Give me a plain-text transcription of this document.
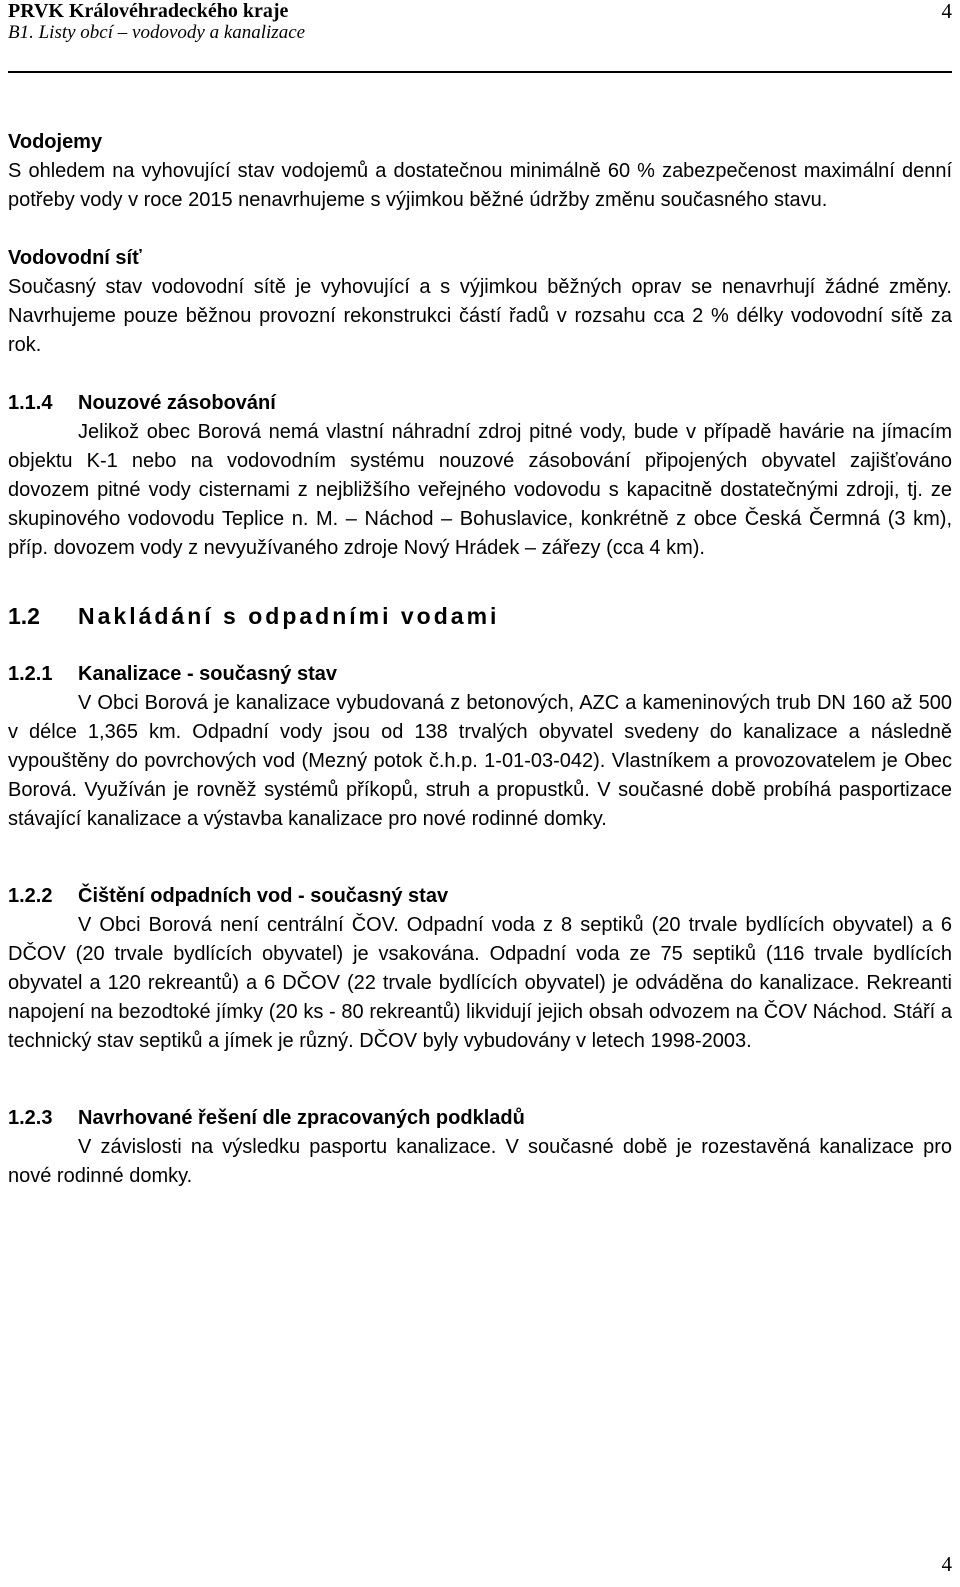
PRVK Královéhradeckého kraje
B1. Listy obcí – vodovody a kanalizace
4

Vodojemy

S ohledem na vyhovující stav vodojemů a dostatečnou minimálně 60 % zabezpečenost maximální denní potřeby vody v roce 2015 nenavrhujeme s výjimkou běžné údržby změnu současného stavu.

Vodovodní síť

Současný stav vodovodní sítě je vyhovující a s výjimkou běžných oprav se nenavrhují žádné změny. Navrhujeme pouze běžnou provozní rekonstrukci částí řadů v rozsahu cca 2 % délky vodovodní sítě za rok.

1.1.4 Nouzové zásobování

Jelikož obec Borová nemá vlastní náhradní zdroj pitné vody, bude v případě havárie na jímacím objektu K-1 nebo na vodovodním systému nouzové zásobování připojených obyvatel zajišťováno dovozem pitné vody cisternami z nejbližšího veřejného vodovodu s kapacitně dostatečnými zdroji, tj. ze skupinového vodovodu Teplice n. M. – Náchod – Bohuslavice, konkrétně z obce Česká Čermná (3 km), příp. dovozem vody z nevyužívaného zdroje Nový Hrádek – zářezy (cca 4 km).

1.2 Nakládání s odpadními vodami

1.2.1 Kanalizace - současný stav

V Obci Borová je kanalizace vybudovaná z betonových, AZC a kameninových trub DN 160 až 500 v délce 1,365 km. Odpadní vody jsou od 138 trvalých obyvatel svedeny do kanalizace a následně vypouštěny do povrchových vod (Mezný potok č.h.p. 1-01-03-042). Vlastníkem a provozovatelem je Obec Borová. Využíván je rovněž systémů příkopů, struh a propustků. V současné době probíhá pasportizace stávající kanalizace a výstavba kanalizace pro nové rodinné domky.

1.2.2 Čištění odpadních vod - současný stav

V Obci Borová není centrální ČOV. Odpadní voda z 8 septiků (20 trvale bydlících obyvatel) a 6 DČOV (20 trvale bydlících obyvatel) je vsakována. Odpadní voda ze 75 septiků (116 trvale bydlících obyvatel a 120 rekreantů) a 6 DČOV (22 trvale bydlících obyvatel) je odváděna do kanalizace. Rekreanti napojení na bezodtoké jímky (20 ks - 80 rekreantů) likvidují jejich obsah odvozem na ČOV Náchod. Stáří a technický stav septiků a jímek je různý. DČOV byly vybudovány v letech 1998-2003.

1.2.3 Navrhované řešení dle zpracovaných podkladů

V závislosti na výsledku pasportu kanalizace. V současné době je rozestavěná kanalizace pro nové rodinné domky.

4
